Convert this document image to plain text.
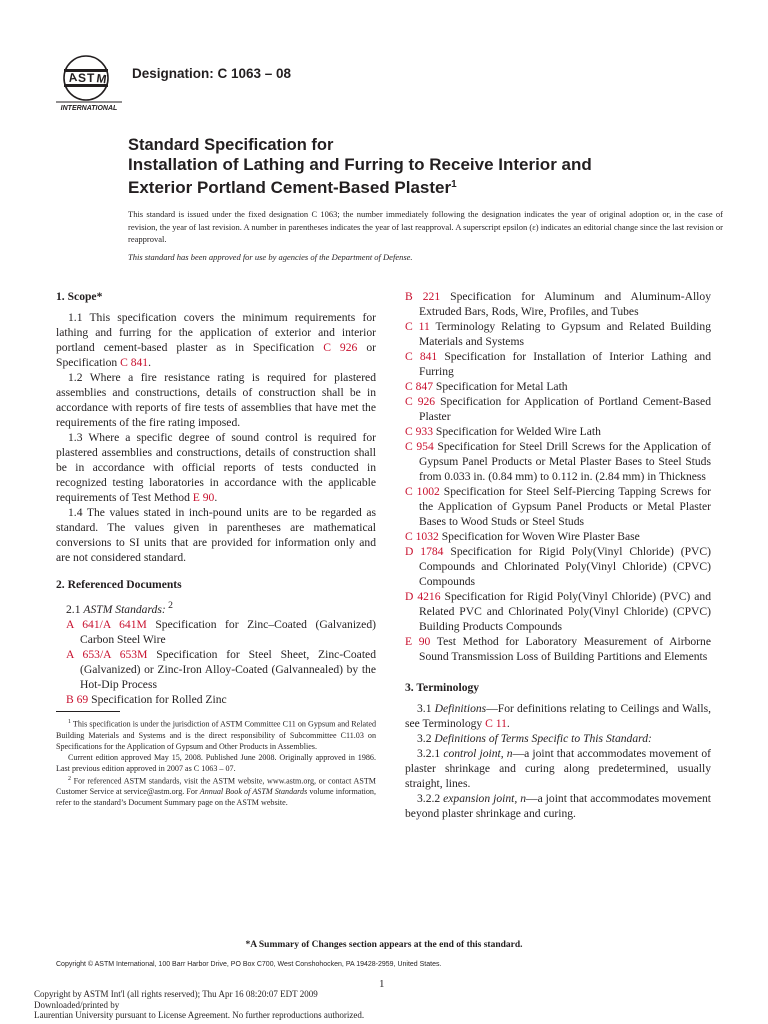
A S T M
INTERNATIONAL
Designation: C 1063 – 08
Standard Specification for
Installation of Lathing and Furring to Receive Interior and
Exterior Portland Cement-Based Plaster$^1$
This standard is issued under the fixed designation C 1063; the number immediately following the designation indicates the year of original adoption or, in the case of revision, the year of last revision. A number in parentheses indicates the year of last reapproval. A superscript epsilon (ε) indicates an editorial change since the last revision or reapproval.
This standard has been approved for use by agencies of the Department of Defense.
1. Scope*

1.1 This specification covers the minimum requirements for lathing and furring for the application of exterior and interior portland cement-based plaster as in Specification C 926 or Specification C 841.

1.2 Where a fire resistance rating is required for plastered assemblies and constructions, details of construction shall be in accordance with reports of fire tests of assemblies that have met the requirements of the fire rating imposed.

1.3 Where a specific degree of sound control is required for plastered assemblies and constructions, details of construction shall be in accordance with official reports of tests conducted in recognized testing laboratories in accordance with the applicable requirements of Test Method E 90.

1.4 The values stated in inch-pound units are to be regarded as standard. The values given in parentheses are mathematical conversions to SI units that are provided for information only and are not considered standard.

2. Referenced Documents
2.1 ASTM Standards: $^2$
A 641/A 641M Specification for Zinc–Coated (Galvanized) Carbon Steel Wire
A 653/A 653M Specification for Steel Sheet, Zinc-Coated (Galvanized) or Zinc-Iron Alloy-Coated (Galvannealed) by the Hot-Dip Process
B 69 Specification for Rolled Zinc

$^1$ This specification is under the jurisdiction of ASTM Committee C11 on Gypsum and Related Building Materials and Systems and is the direct responsibility of Subcommittee C11.03 on Specifications for the Application of Gypsum and Other Products in Assemblies.

Current edition approved May 15, 2008. Published June 2008. Originally approved in 1986. Last previous edition approved in 2007 as C 1063 – 07.

$^2$ For referenced ASTM standards, visit the ASTM website, www.astm.org, or contact ASTM Customer Service at service@astm.org. For Annual Book of ASTM Standards volume information, refer to the standard’s Document Summary page on the ASTM website.

B 221 Specification for Aluminum and Aluminum-Alloy Extruded Bars, Rods, Wire, Profiles, and Tubes
C 11 Terminology Relating to Gypsum and Related Building Materials and Systems
C 841 Specification for Installation of Interior Lathing and Furring
C 847 Specification for Metal Lath
C 926 Specification for Application of Portland Cement-Based Plaster
C 933 Specification for Welded Wire Lath
C 954 Specification for Steel Drill Screws for the Application of Gypsum Panel Products or Metal Plaster Bases to Steel Studs from 0.033 in. (0.84 mm) to 0.112 in. (2.84 mm) in Thickness
C 1002 Specification for Steel Self-Piercing Tapping Screws for the Application of Gypsum Panel Products or Metal Plaster Bases to Wood Studs or Steel Studs
C 1032 Specification for Woven Wire Plaster Base
D 1784 Specification for Rigid Poly(Vinyl Chloride) (PVC) Compounds and Chlorinated Poly(Vinyl Chloride) (CPVC) Compounds
D 4216 Specification for Rigid Poly(Vinyl Chloride) (PVC) and Related PVC and Chlorinated Poly(Vinyl Chloride) (CPVC) Building Products Compounds
E 90 Test Method for Laboratory Measurement of Airborne Sound Transmission Loss of Building Partitions and Elements
3. Terminology

3.1 Definitions—For definitions relating to Ceilings and Walls, see Terminology C 11.

3.2 Definitions of Terms Specific to This Standard:

3.2.1 control joint, n—a joint that accommodates movement of plaster shrinkage and curing along predetermined, usually straight, lines.

3.2.2 expansion joint, n—a joint that accommodates movement beyond plaster shrinkage and curing.

*A Summary of Changes section appears at the end of this standard.
Copyright © ASTM International, 100 Barr Harbor Drive, PO Box C700, West Conshohocken, PA 19428-2959, United States.
1
Copyright by ASTM Int'l (all rights reserved); Thu Apr 16 08:20:07 EDT 2009
Downloaded/printed by
Laurentian University pursuant to License Agreement. No further reproductions authorized.
